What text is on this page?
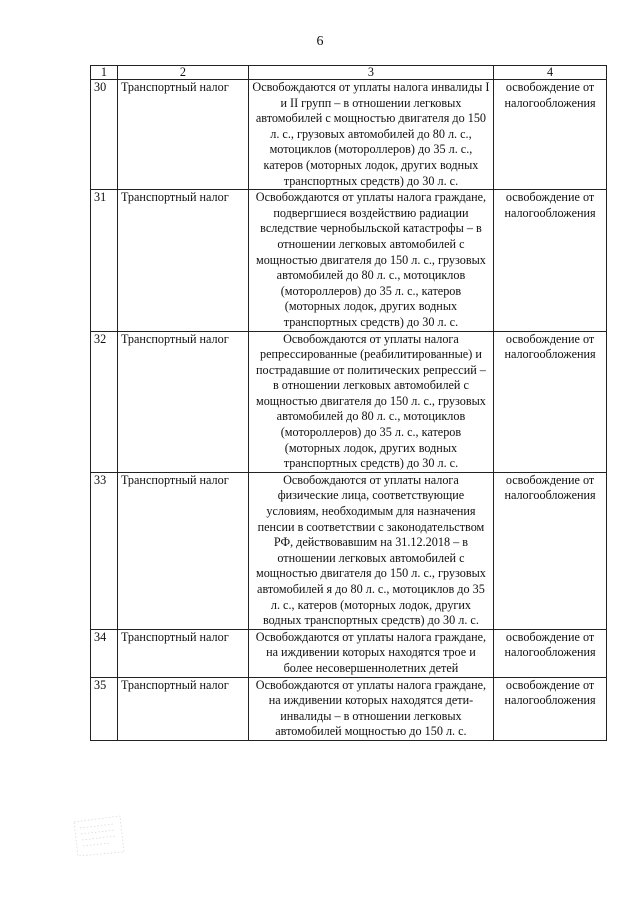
6
1	2	3	4
30	Транспортный налог	Освобождаются от уплаты налога инвалиды I и II групп – в отношении легковых автомобилей с мощностью двигателя до 150 л. с., грузовых автомобилей до 80 л. с., мотоциклов (мотороллеров) до 35 л. с., катеров (моторных лодок, других водных транспортных средств) до 30 л. с.	освобождение от налогообложения
31	Транспортный налог	Освобождаются от уплаты налога граждане, подвергшиеся воздействию радиации вследствие чернобыльской катастрофы – в отношении легковых автомобилей с мощностью двигателя до 150 л. с., грузовых автомобилей до 80 л. с., мотоциклов (мотороллеров) до 35 л. с., катеров (моторных лодок, других водных транспортных средств) до 30 л. с.	освобождение от налогообложения
32	Транспортный налог	Освобождаются от уплаты налога репрессированные (реабилитированные) и пострадавшие от политических репрессий – в отношении легковых автомобилей с мощностью двигателя до 150 л. с., грузовых автомобилей до 80 л. с., мотоциклов (мотороллеров) до 35 л. с., катеров (моторных лодок, других водных транспортных средств) до 30 л. с.	освобождение от налогообложения
33	Транспортный налог	Освобождаются от уплаты налога физические лица, соответствующие условиям, необходимым для назначения пенсии в соответствии с законодательством РФ, действовавшим на 31.12.2018 – в отношении легковых автомобилей с мощностью двигателя до 150 л. с., грузовых автомобилей я до 80 л. с., мотоциклов до 35 л. с., катеров (моторных лодок, других водных транспортных средств) до 30 л. с.	освобождение от налогообложения
34	Транспортный налог	Освобождаются от уплаты налога граждане, на иждивении которых находятся трое и более несовершеннолетних детей	освобождение от налогообложения
35	Транспортный налог	Освобождаются от уплаты налога граждане, на иждивении которых находятся дети-инвалиды – в отношении легковых автомобилей мощностью до 150 л. с.	освобождение от налогообложения
